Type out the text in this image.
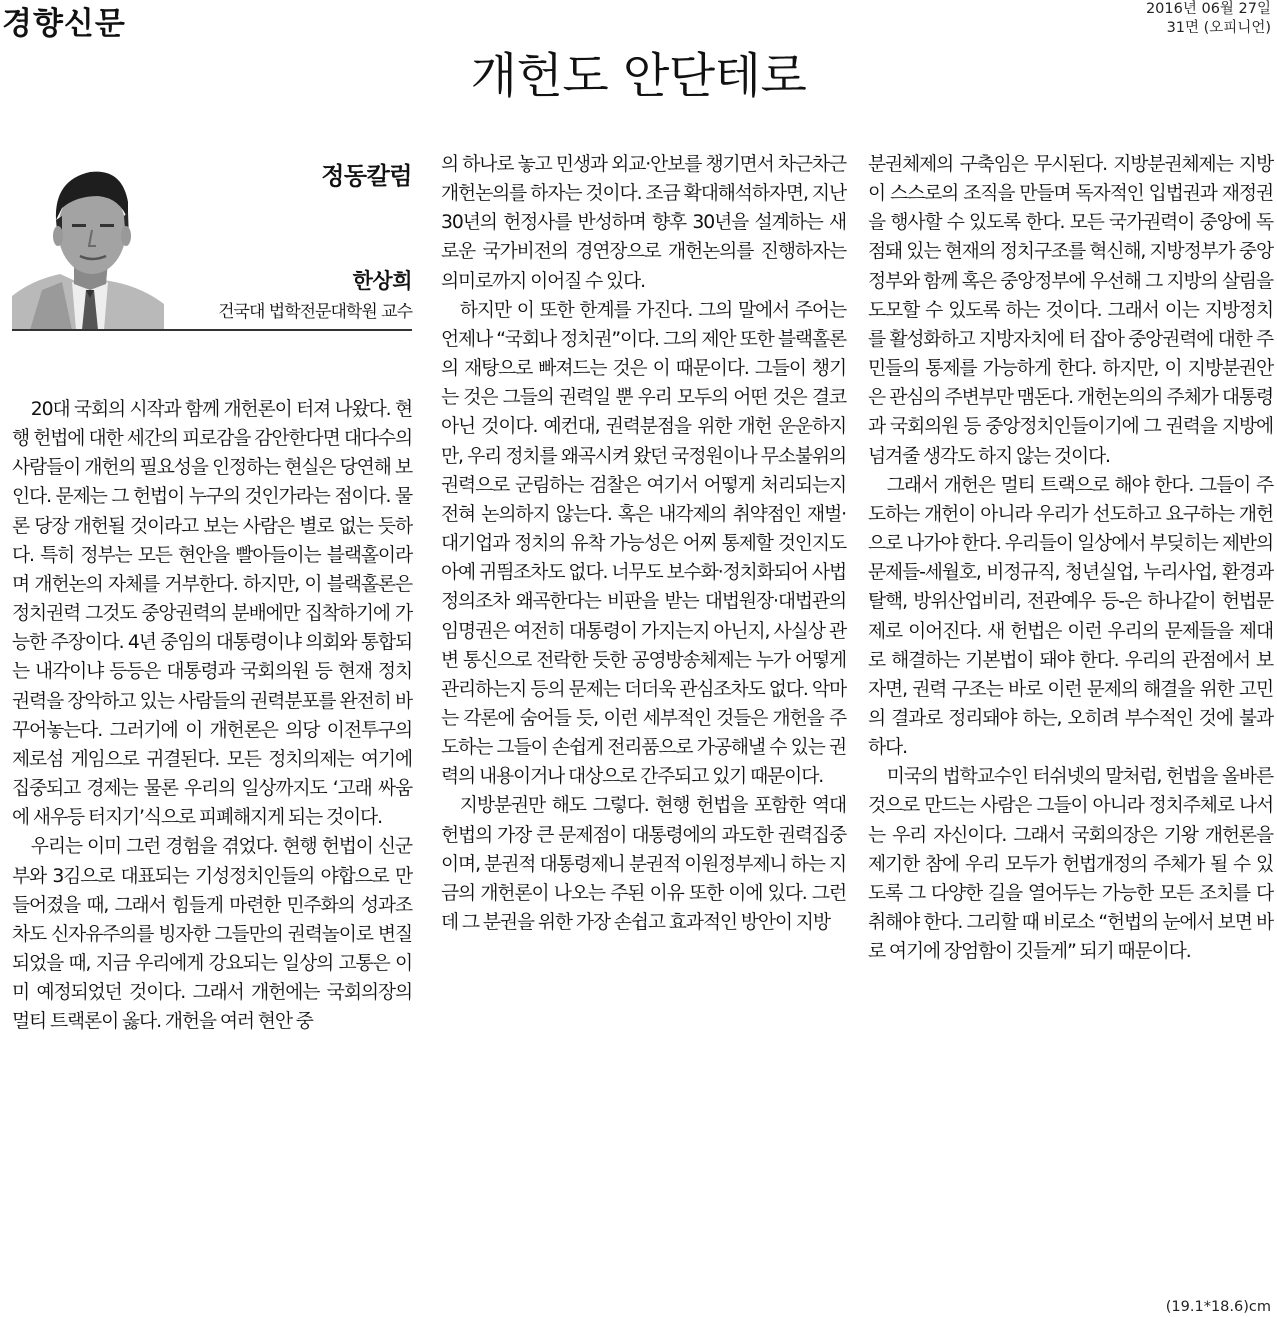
경향신문	2016년 06월 27일
31면 (오피니언)
개헌도 안단테로
정동칼럼
한상희
건국대 법학전문대학원 교수

20대 국회의 시작과 함께 개헌론이 터져 나왔다. 현행 헌법에 대한 세간의 피로감을 감안한다면 대다수의 사람들이 개헌의 필요성을 인정하는 현실은 당연해 보인다. 문제는 그 헌법이 누구의 것인가라는 점이다. 물론 당장 개헌될 것이라고 보는 사람은 별로 없는 듯하다. 특히 정부는 모든 현안을 빨아들이는 블랙홀이라며 개헌논의 자체를 거부한다. 하지만, 이 블랙홀론은 정치권력 그것도 중앙권력의 분배에만 집착하기에 가능한 주장이다. 4년 중임의 대통령이냐 의회와 통합되는 내각이냐 등등은 대통령과 국회의원 등 현재 정치권력을 장악하고 있는 사람들의 권력분포를 완전히 바꾸어놓는다. 그러기에 이 개헌론은 의당 이전투구의 제로섬 게임으로 귀결된다. 모든 정치의제는 여기에 집중되고 경제는 물론 우리의 일상까지도 ‘고래 싸움에 새우등 터지기’식으로 피폐해지게 되는 것이다.

우리는 이미 그런 경험을 겪었다. 현행 헌법이 신군부와 3김으로 대표되는 기성정치인들의 야합으로 만들어졌을 때, 그래서 힘들게 마련한 민주화의 성과조차도 신자유주의를 빙자한 그들만의 권력놀이로 변질되었을 때, 지금 우리에게 강요되는 일상의 고통은 이미 예정되었던 것이다. 그래서 개헌에는 국회의장의 멀티 트랙론이 옳다. 개헌을 여러 현안 중

의 하나로 놓고 민생과 외교·안보를 챙기면서 차근차근 개헌논의를 하자는 것이다. 조금 확대해석하자면, 지난 30년의 헌정사를 반성하며 향후 30년을 설계하는 새로운 국가비전의 경연장으로 개헌논의를 진행하자는 의미로까지 이어질 수 있다.

하지만 이 또한 한계를 가진다. 그의 말에서 주어는 언제나 “국회나 정치권”이다. 그의 제안 또한 블랙홀론의 재탕으로 빠져드는 것은 이 때문이다. 그들이 챙기는 것은 그들의 권력일 뿐 우리 모두의 어떤 것은 결코 아닌 것이다. 예컨대, 권력분점을 위한 개헌 운운하지만, 우리 정치를 왜곡시켜 왔던 국정원이나 무소불위의 권력으로 군림하는 검찰은 여기서 어떻게 처리되는지 전혀 논의하지 않는다. 혹은 내각제의 취약점인 재벌·대기업과 정치의 유착 가능성은 어찌 통제할 것인지도 아예 귀띔조차도 없다. 너무도 보수화·정치화되어 사법정의조차 왜곡한다는 비판을 받는 대법원장·대법관의 임명권은 여전히 대통령이 가지는지 아닌지, 사실상 관변 통신으로 전락한 듯한 공영방송체제는 누가 어떻게 관리하는지 등의 문제는 더더욱 관심조차도 없다. 악마는 각론에 숨어들 듯, 이런 세부적인 것들은 개헌을 주도하는 그들이 손쉽게 전리품으로 가공해낼 수 있는 권력의 내용이거나 대상으로 간주되고 있기 때문이다.

지방분권만 해도 그렇다. 현행 헌법을 포함한 역대 헌법의 가장 큰 문제점이 대통령에의 과도한 권력집중이며, 분권적 대통령제니 분권적 이원정부제니 하는 지금의 개헌론이 나오는 주된 이유 또한 이에 있다. 그런데 그 분권을 위한 가장 손쉽고 효과적인 방안이 지방

분권체제의 구축임은 무시된다. 지방분권체제는 지방이 스스로의 조직을 만들며 독자적인 입법권과 재정권을 행사할 수 있도록 한다. 모든 국가권력이 중앙에 독점돼 있는 현재의 정치구조를 혁신해, 지방정부가 중앙정부와 함께 혹은 중앙정부에 우선해 그 지방의 살림을 도모할 수 있도록 하는 것이다. 그래서 이는 지방정치를 활성화하고 지방자치에 터 잡아 중앙권력에 대한 주민들의 통제를 가능하게 한다. 하지만, 이 지방분권안은 관심의 주변부만 맴돈다. 개헌논의의 주체가 대통령과 국회의원 등 중앙정치인들이기에 그 권력을 지방에 넘겨줄 생각도 하지 않는 것이다.

그래서 개헌은 멀티 트랙으로 해야 한다. 그들이 주도하는 개헌이 아니라 우리가 선도하고 요구하는 개헌으로 나가야 한다. 우리들이 일상에서 부딪히는 제반의 문제들-세월호, 비정규직, 청년실업, 누리사업, 환경과 탈핵, 방위산업비리, 전관예우 등-은 하나같이 헌법문제로 이어진다. 새 헌법은 이런 우리의 문제들을 제대로 해결하는 기본법이 돼야 한다. 우리의 관점에서 보자면, 권력 구조는 바로 이런 문제의 해결을 위한 고민의 결과로 정리돼야 하는, 오히려 부수적인 것에 불과하다.

미국의 법학교수인 터쉬넷의 말처럼, 헌법을 올바른 것으로 만드는 사람은 그들이 아니라 정치주체로 나서는 우리 자신이다. 그래서 국회의장은 기왕 개헌론을 제기한 참에 우리 모두가 헌법개정의 주체가 될 수 있도록 그 다양한 길을 열어두는 가능한 모든 조치를 다 취해야 한다. 그리할 때 비로소 “헌법의 눈에서 보면 바로 여기에 장엄함이 깃들게” 되기 때문이다.

(19.1*18.6)cm
